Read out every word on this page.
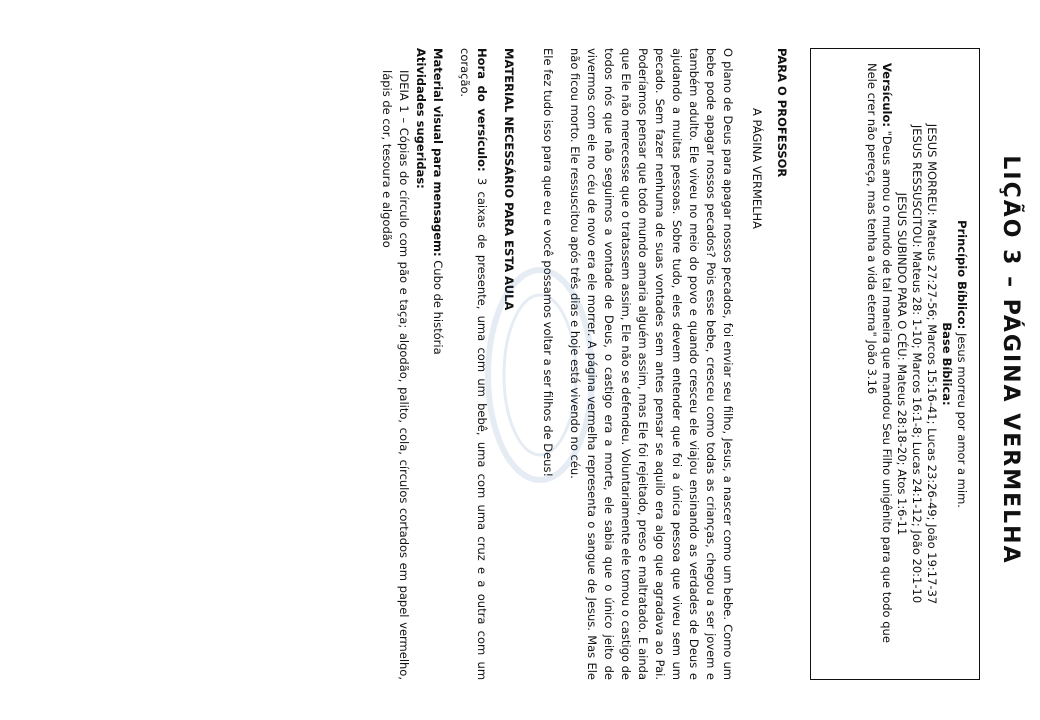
LIÇÃO 3 – PÁGINA VERMELHA
Princípio Bíblico: Jesus morreu por amor a mim.
Base Bíblica:
JESUS MORREU: Mateus 27:27-56; Marcos 15:16-41; Lucas 23:26-49; João 19:17-37
JESUS RESSUSCITOU: Mateus 28: 1-10; Marcos 16:1-8; Lucas 24:1-12; João 20:1-10
JESUS SUBINDO PARA O CÉU: Mateus 28:18-20; Atos 1:6-11
Versículo: "Deus amou o mundo de tal maneira que mandou Seu Filho unigênito para que todo que Nele crer não pereça, mas tenha a vida eterna" João 3.16
PARA O PROFESSOR
A PÁGINA VERMELHA

O plano de Deus para apagar nossos pecados, foi enviar seu filho, Jesus, a nascer como um bebe. Como um bebe pode apagar nossos pecados? Pois esse bebe, cresceu como todas as crianças, chegou a ser jovem e também adulto. Ele viveu no meio do povo e quando cresceu ele viajou ensinando as verdades de Deus e ajudando a muitas pessoas. Sobre tudo, eles devem entender que foi a única pessoa que viveu sem um pecado. Sem fazer nenhuma de suas vontades sem antes pensar se aquilo era algo que agradava ao Pai. Poderíamos pensar que todo mundo amaria alguém assim, mas Ele foi rejeitado, preso e maltratado. E ainda que Ele não merecesse que o tratassem assim, Ele não se defendeu. Voluntariamente ele tomou o castigo de todos nós que não seguimos a vontade de Deus, o castigo era a morte, ele sabia que o único jeito de vivermos com ele no céu de novo era ele morrer. A página vermelha representa o sangue de Jesus. Mas Ele não ficou morto. Ele ressuscitou após três dias e hoje está vivendo no céu.

Ele fez tudo isso para que eu e você possamos voltar a ser filhos de Deus!

MATERIAL NECESSÁRIO PARA ESTA AULA

Hora do versículo: 3 caixas de presente, uma com um bebê, uma com uma cruz e a outra com um coração.

Material visual para mensagem: Cubo de história

Atividades sugeridas:

IDEIA 1 – Cópias do círculo com pão e taça; algodão, palito, cola, círculos cortados em papel vermelho, lápis de cor, tesoura e algodão
